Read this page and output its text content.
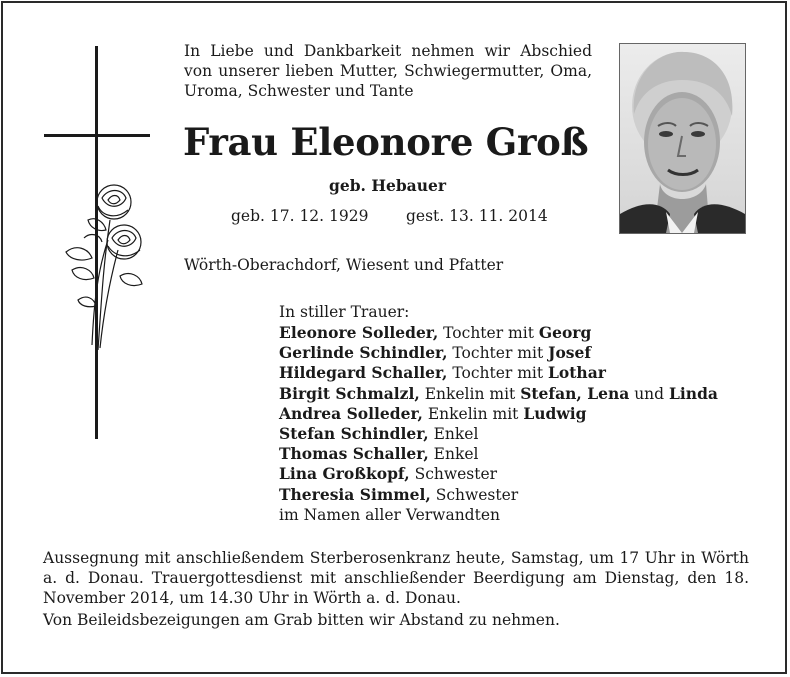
In Liebe und Dankbarkeit nehmen wir Abschied von unserer lieben Mutter, Schwiegermutter, Oma, Uroma, Schwester und Tante
Frau Eleonore Groß
geb. Hebauer
geb. 17. 12. 1929 gest. 13. 11. 2014
Wörth-Oberachdorf, Wiesent und Pfatter
In stiller Trauer:
Eleonore Solleder, Tochter mit Georg
Gerlinde Schindler, Tochter mit Josef
Hildegard Schaller, Tochter mit Lothar
Birgit Schmalzl, Enkelin mit Stefan, Lena und Linda
Andrea Solleder, Enkelin mit Ludwig
Stefan Schindler, Enkel
Thomas Schaller, Enkel
Lina Großkopf, Schwester
Theresia Simmel, Schwester
im Namen aller Verwandten
Aussegnung mit anschließendem Sterberosenkranz heute, Samstag, um 17 Uhr in Wörth a. d. Donau. Trauergottesdienst mit anschließender Beerdigung am Dienstag, den 18. November 2014, um 14.30 Uhr in Wörth a. d. Donau.
Von Beileidsbezeigungen am Grab bitten wir Abstand zu nehmen.
